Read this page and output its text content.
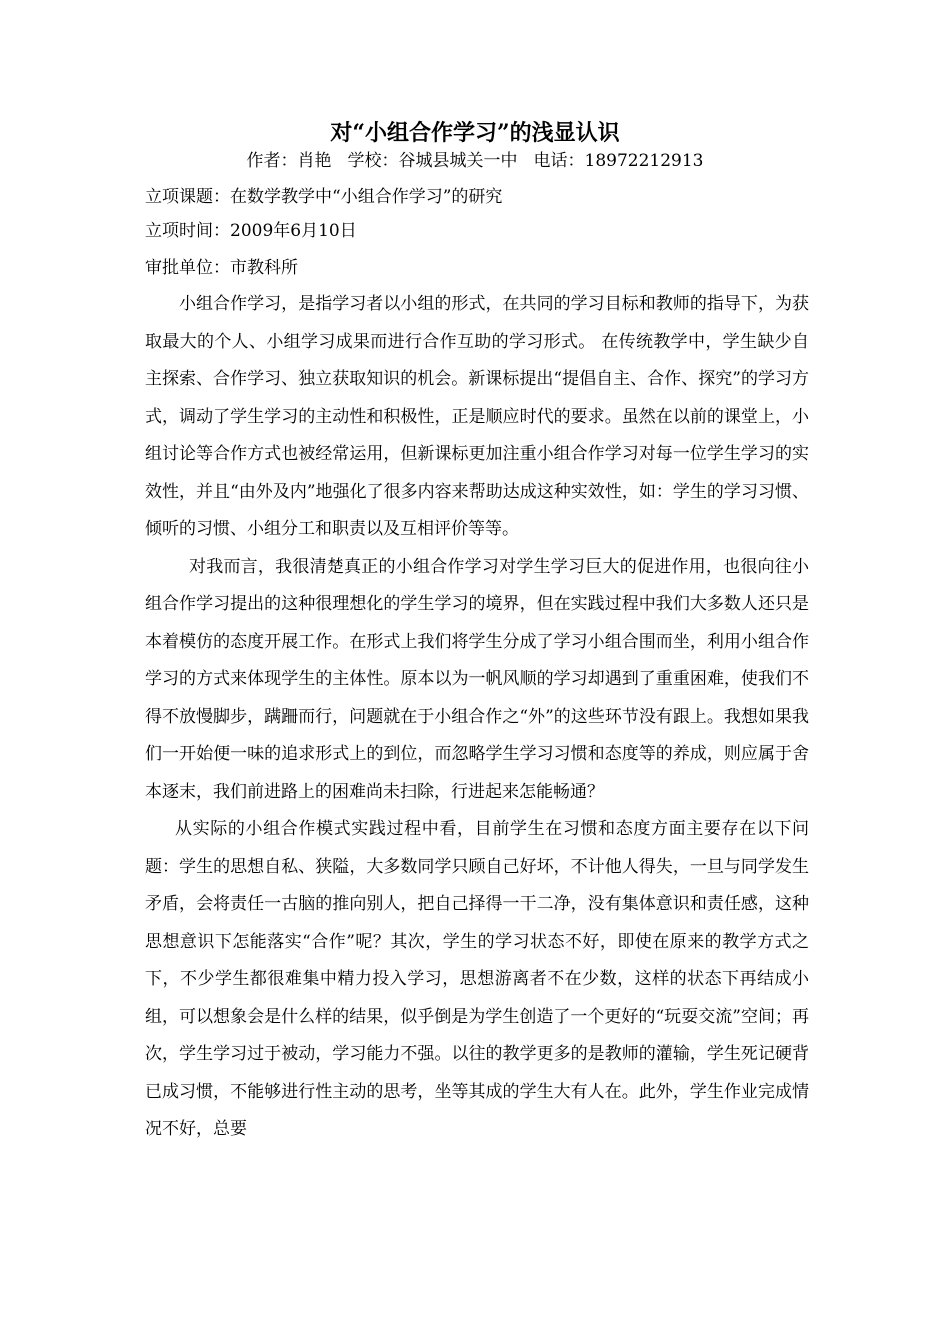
对“小组合作学习”的浅显认识
作者：肖艳 学校：谷城县城关一中 电话：18972212913
立项课题：在数学教学中“小组合作学习”的研究
立项时间：2009年6月10日
审批单位：市教科所

小组合作学习，是指学习者以小组的形式，在共同的学习目标和教师的指导下，为获取最大的个人、小组学习成果而进行合作互助的学习形式。 在传统教学中，学生缺少自主探索、合作学习、独立获取知识的机会。新课标提出“提倡自主、合作、探究”的学习方式，调动了学生学习的主动性和积极性，正是顺应时代的要求。虽然在以前的课堂上，小组讨论等合作方式也被经常运用，但新课标更加注重小组合作学习对每一位学生学习的实效性，并且“由外及内”地强化了很多内容来帮助达成这种实效性，如：学生的学习习惯、倾听的习惯、小组分工和职责以及互相评价等等。

对我而言，我很清楚真正的小组合作学习对学生学习巨大的促进作用，也很向往小组合作学习提出的这种很理想化的学生学习的境界，但在实践过程中我们大多数人还只是本着模仿的态度开展工作。在形式上我们将学生分成了学习小组合围而坐，利用小组合作学习的方式来体现学生的主体性。原本以为一帆风顺的学习却遇到了重重困难，使我们不得不放慢脚步，蹒跚而行，问题就在于小组合作之“外”的这些环节没有跟上。我想如果我们一开始便一味的追求形式上的到位，而忽略学生学习习惯和态度等的养成，则应属于舍本逐末，我们前进路上的困难尚未扫除，行进起来怎能畅通？

从实际的小组合作模式实践过程中看，目前学生在习惯和态度方面主要存在以下问题：学生的思想自私、狭隘，大多数同学只顾自己好坏，不计他人得失，一旦与同学发生矛盾，会将责任一古脑的推向别人，把自己择得一干二净，没有集体意识和责任感，这种思想意识下怎能落实“合作”呢？其次，学生的学习状态不好，即使在原来的教学方式之下，不少学生都很难集中精力投入学习，思想游离者不在少数，这样的状态下再结成小组，可以想象会是什么样的结果，似乎倒是为学生创造了一个更好的“玩耍交流”空间；再次，学生学习过于被动，学习能力不强。以往的教学更多的是教师的灌输，学生死记硬背已成习惯，不能够进行性主动的思考，坐等其成的学生大有人在。此外，学生作业完成情况不好，总要
